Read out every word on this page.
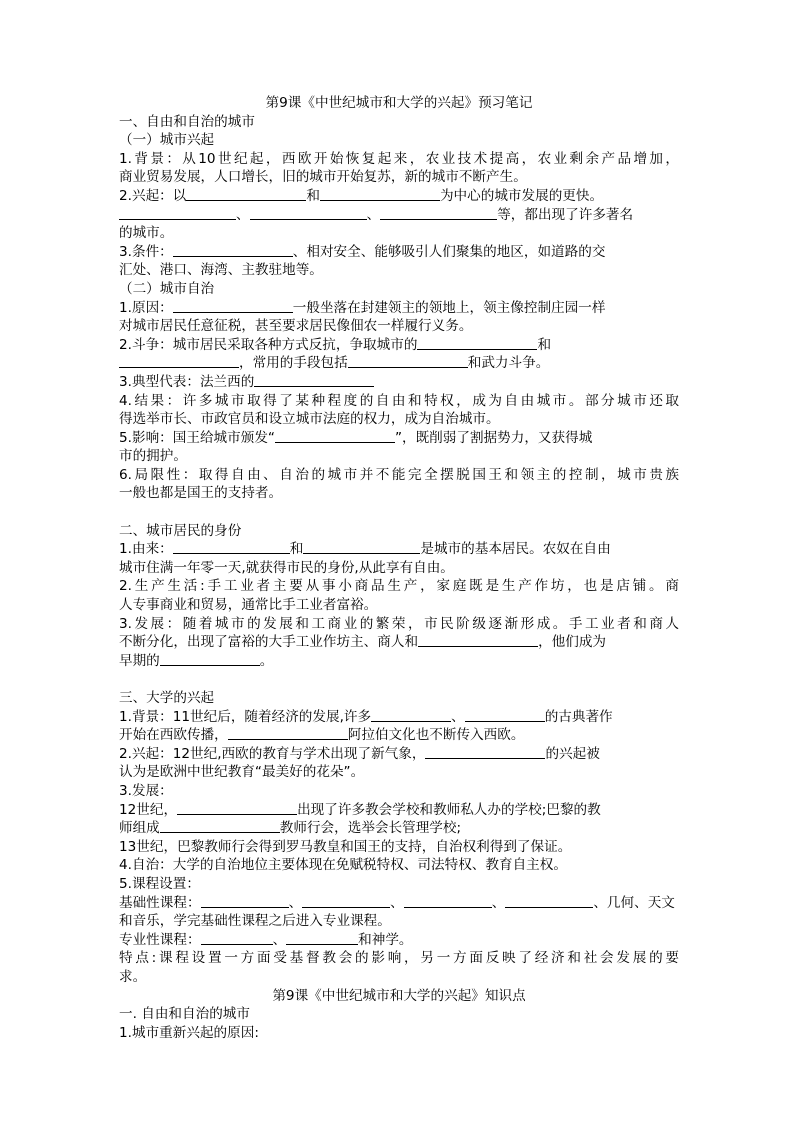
第9课《中世纪城市和大学的兴起》预习笔记
一、自由和自治的城市
（一）城市兴起
1.背景：从10世纪起，西欧开始恢复起来，农业技术提高，农业剩余产品增加，
商业贸易发展，人口增长，旧的城市开始复苏，新的城市不断产生。
2.兴起：以	和	为中心的城市发展的更快。
、	、	等，都出现了许多著名
的城市。
3.条件：	、相对安全、能够吸引人们聚集的地区，如道路的交
汇处、港口、海湾、主教驻地等。
（二）城市自治
1.原因：	一般坐落在封建领主的领地上，领主像控制庄园一样
对城市居民任意征税，甚至要求居民像佃农一样履行义务。
2.斗争：城市居民采取各种方式反抗，争取城市的	和
，常用的手段包括	和武力斗争。
3.典型代表：法兰西的
4.结果：许多城市取得了某种程度的自由和特权，成为自由城市。部分城市还取
得选举市长、市政官员和设立城市法庭的权力，成为自治城市。
5.影响：国王给城市颁发“	”，既削弱了割据势力，又获得城
市的拥护。
6.局限性：取得自由、自治的城市并不能完全摆脱国王和领主的控制，城市贵族
一般也都是国王的支持者。
二、城市居民的身份
1.由来：	和	是城市的基本居民。农奴在自由
城市住满一年零一天,就获得市民的身份,从此享有自由。
2.生产生活:手工业者主要从事小商品生产，家庭既是生产作坊，也是店铺。商
人专事商业和贸易，通常比手工业者富裕。
3.发展：随着城市的发展和工商业的繁荣，市民阶级逐渐形成。手工业者和商人
不断分化，出现了富裕的大手工业作坊主、商人和	，他们成为
早期的	。
三、大学的兴起
1.背景：11世纪后，随着经济的发展,许多	、	的古典著作
开始在西欧传播，	阿拉伯文化也不断传入西欧。
2.兴起：12世纪,西欧的教育与学术出现了新气象，	的兴起被
认为是欧洲中世纪教育“最美好的花朵”。
3.发展：
12世纪，	出现了许多教会学校和教师私人办的学校;巴黎的教
师组成	教师行会，选举会长管理学校;
13世纪，巴黎教师行会得到罗马教皇和国王的支持，自治权利得到了保证。
4.自治：大学的自治地位主要体现在免赋税特权、司法特权、教育自主权。
5.课程设置：
基础性课程：	、	、	、	、几何、天文
和音乐，学完基础性课程之后进入专业课程。
专业性课程：	、	和神学。
特点:课程设置一方面受基督教会的影响，另一方面反映了经济和社会发展的要
求。
第9课《中世纪城市和大学的兴起》知识点
一. 自由和自治的城市
1.城市重新兴起的原因:
